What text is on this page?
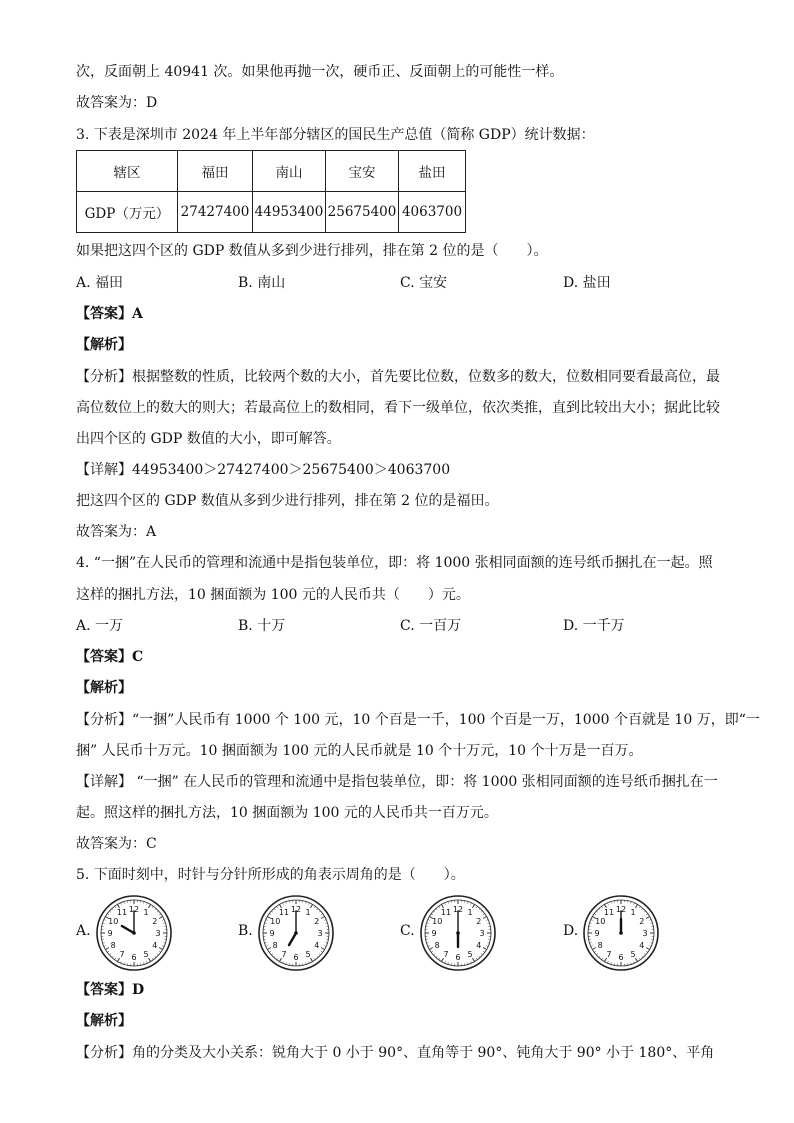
次，反面朝上 40941 次。如果他再抛一次，硬币正、反面朝上的可能性一样。
故答案为：D
3. 下表是深圳市 2024 年上半年部分辖区的国民生产总值（简称 GDP）统计数据：
辖区	福田	南山	宝安	盐田
GDP（万元）	27427400	44953400	25675400	4063700
如果把这四个区的 GDP 数值从多到少进行排列，排在第 2 位的是（　　）。
A. 福田	B. 南山	C. 宝安	D. 盐田
【答案】A
【解析】
【分析】根据整数的性质，比较两个数的大小，首先要比位数，位数多的数大，位数相同要看最高位，最
高位数位上的数大的则大；若最高位上的数相同，看下一级单位，依次类推，直到比较出大小；据此比较
出四个区的 GDP 数值的大小，即可解答。
【详解】44953400＞27427400＞25675400＞4063700
把这四个区的 GDP 数值从多到少进行排列，排在第 2 位的是福田。
故答案为：A
4. “一捆”在人民币的管理和流通中是指包装单位，即：将 1000 张相同面额的连号纸币捆扎在一起。照
这样的捆扎方法，10 捆面额为 100 元的人民币共（　　）元。
A. 一万	B. 十万	C. 一百万	D. 一千万
【答案】C
【解析】
【分析】“一捆”人民币有 1000 个 100 元，10 个百是一千，100 个百是一万，1000 个百就是 10 万，即“一
捆” 人民币十万元。10 捆面额为 100 元的人民币就是 10 个十万元，10 个十万是一百万。
【详解】 “一捆” 在人民币的管理和流通中是指包装单位，即：将 1000 张相同面额的连号纸币捆扎在一
起。照这样的捆扎方法，10 捆面额为 100 元的人民币共一百万元。
故答案为：C
5. 下面时刻中，时针与分针所形成的角表示周角的是（　　）。
A.
1
2
3
4
5
6
7
8
9
10
11 12
B.
1
2
3
4
5
6
7
8
9
10
11 12
C.
1
2
3
4
5
6
7
8
9
10
11 12
D.
1
2
3
4
5
6
7
8
9
10
11 12
【答案】D
【解析】
【分析】角的分类及大小关系：锐角大于 0 小于 90°、直角等于 90°、钝角大于 90° 小于 180°、平角
